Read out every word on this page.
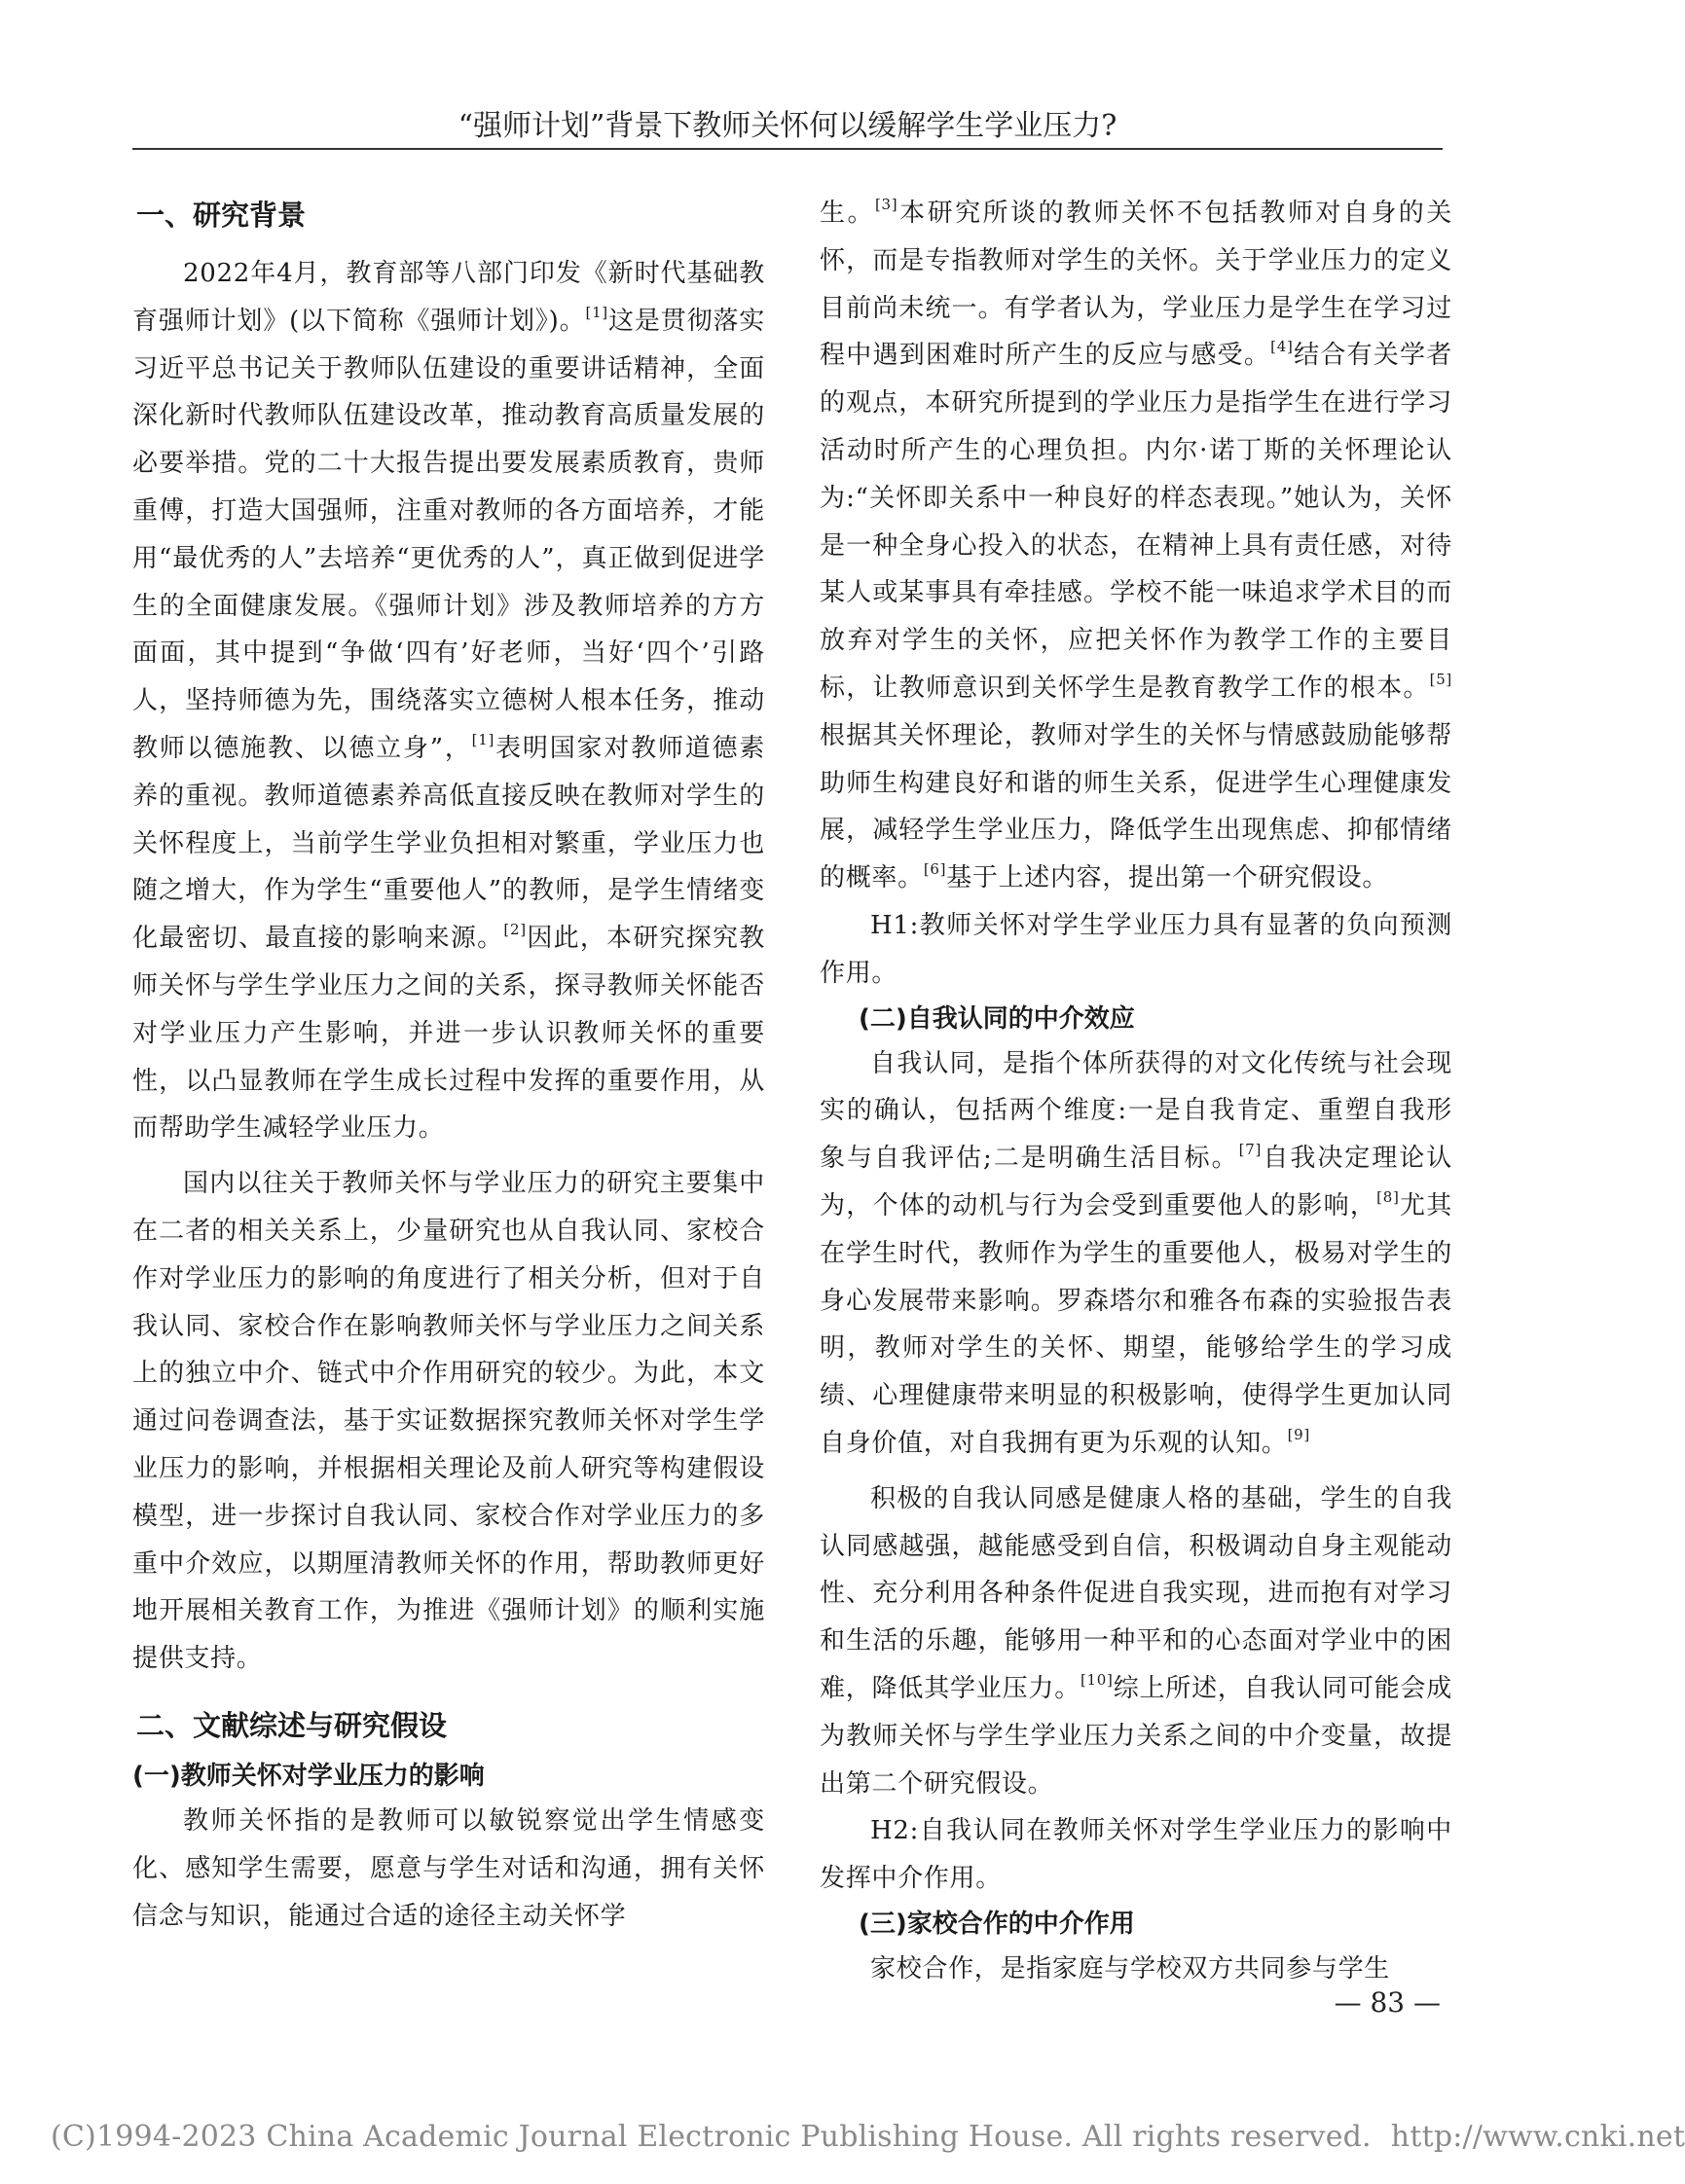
“强师计划”背景下教师关怀何以缓解学生学业压力?
一、研究背景

2022年4月，教育部等八部门印发《新时代基础教育强师计划》(以下简称《强师计划》)。[1]这是贯彻落实习近平总书记关于教师队伍建设的重要讲话精神，全面深化新时代教师队伍建设改革，推动教育高质量发展的必要举措。党的二十大报告提出要发展素质教育，贵师重傅，打造大国强师，注重对教师的各方面培养，才能用“最优秀的人”去培养“更优秀的人”，真正做到促进学生的全面健康发展。《强师计划》涉及教师培养的方方面面，其中提到“争做‘四有’好老师，当好‘四个’引路人，坚持师德为先，围绕落实立德树人根本任务，推动教师以德施教、以德立身”，[1]表明国家对教师道德素养的重视。教师道德素养高低直接反映在教师对学生的关怀程度上，当前学生学业负担相对繁重，学业压力也随之增大，作为学生“重要他人”的教师，是学生情绪变化最密切、最直接的影响来源。[2]因此，本研究探究教师关怀与学生学业压力之间的关系，探寻教师关怀能否对学业压力产生影响，并进一步认识教师关怀的重要性，以凸显教师在学生成长过程中发挥的重要作用，从而帮助学生减轻学业压力。

国内以往关于教师关怀与学业压力的研究主要集中在二者的相关关系上，少量研究也从自我认同、家校合作对学业压力的影响的角度进行了相关分析，但对于自我认同、家校合作在影响教师关怀与学业压力之间关系上的独立中介、链式中介作用研究的较少。为此，本文通过问卷调查法，基于实证数据探究教师关怀对学生学业压力的影响，并根据相关理论及前人研究等构建假设模型，进一步探讨自我认同、家校合作对学业压力的多重中介效应，以期厘清教师关怀的作用，帮助教师更好地开展相关教育工作，为推进《强师计划》的顺利实施提供支持。

二、文献综述与研究假设
(一)教师关怀对学业压力的影响

教师关怀指的是教师可以敏锐察觉出学生情感变化、感知学生需要，愿意与学生对话和沟通，拥有关怀信念与知识，能通过合适的途径主动关怀学

生。[3]本研究所谈的教师关怀不包括教师对自身的关怀，而是专指教师对学生的关怀。关于学业压力的定义目前尚未统一。有学者认为，学业压力是学生在学习过程中遇到困难时所产生的反应与感受。[4]结合有关学者的观点，本研究所提到的学业压力是指学生在进行学习活动时所产生的心理负担。内尔·诺丁斯的关怀理论认为:“关怀即关系中一种良好的样态表现。”她认为，关怀是一种全身心投入的状态，在精神上具有责任感，对待某人或某事具有牵挂感。学校不能一味追求学术目的而放弃对学生的关怀，应把关怀作为教学工作的主要目标，让教师意识到关怀学生是教育教学工作的根本。[5]根据其关怀理论，教师对学生的关怀与情感鼓励能够帮助师生构建良好和谐的师生关系，促进学生心理健康发展，减轻学生学业压力，降低学生出现焦虑、抑郁情绪的概率。[6]基于上述内容，提出第一个研究假设。

H1:教师关怀对学生学业压力具有显著的负向预测作用。

(二)自我认同的中介效应

自我认同，是指个体所获得的对文化传统与社会现实的确认，包括两个维度:一是自我肯定、重塑自我形象与自我评估;二是明确生活目标。[7]自我决定理论认为，个体的动机与行为会受到重要他人的影响，[8]尤其在学生时代，教师作为学生的重要他人，极易对学生的身心发展带来影响。罗森塔尔和雅各布森的实验报告表明，教师对学生的关怀、期望，能够给学生的学习成绩、心理健康带来明显的积极影响，使得学生更加认同自身价值，对自我拥有更为乐观的认知。[9]

积极的自我认同感是健康人格的基础，学生的自我认同感越强，越能感受到自信，积极调动自身主观能动性、充分利用各种条件促进自我实现，进而抱有对学习和生活的乐趣，能够用一种平和的心态面对学业中的困难，降低其学业压力。[10]综上所述，自我认同可能会成为教师关怀与学生学业压力关系之间的中介变量，故提出第二个研究假设。

H2:自我认同在教师关怀对学生学业压力的影响中发挥中介作用。

(三)家校合作的中介作用

家校合作，是指家庭与学校双方共同参与学生

— 83 —
(C)1994-2023 China Academic Journal Electronic Publishing House. All rights reserved. http://www.cnki.net
